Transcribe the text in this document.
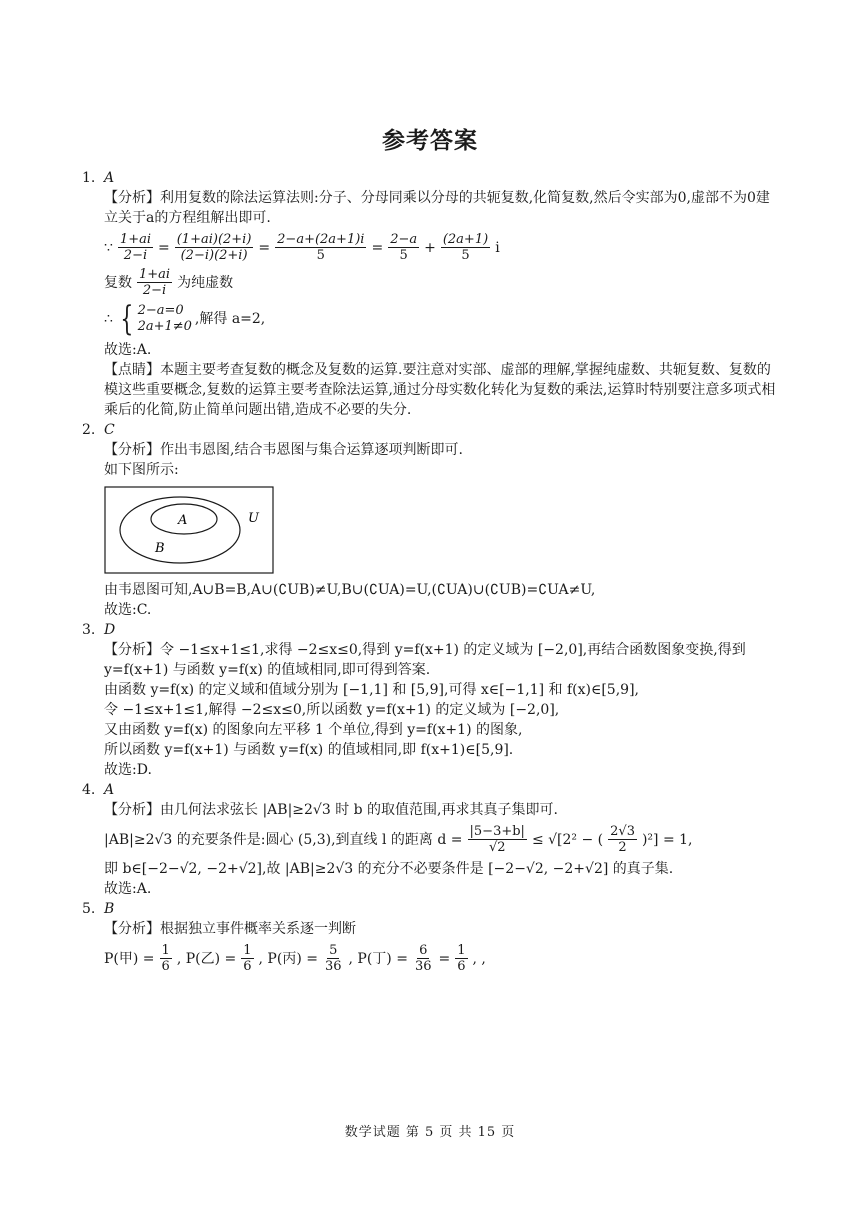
参考答案
1. A

【分析】利用复数的除法运算法则:分子、分母同乘以分母的共轭复数,化简复数,然后令实部为0,虚部不为0建立关于a的方程组解出即可.

∵ $\frac{1+ai}{2-i} = \frac{(1+ai)(2+i)}{(2-i)(2+i)} = \frac{2-a+(2a+1)i}{5} = \frac{2-a}{5} + \frac{(2a+1)}{5}$ i
复数 $\frac{1+ai}{2-i}$ 为纯虚数
∴ { 2−a=0
2a+1≠0 ,解得 a=2,

故选:A.

【点睛】本题主要考查复数的概念及复数的运算.要注意对实部、虚部的理解,掌握纯虚数、共轭复数、复数的模这些重要概念,复数的运算主要考查除法运算,通过分母实数化转化为复数的乘法,运算时特别要注意多项式相乘后的化简,防止简单问题出错,造成不必要的失分.

2. C

【分析】作出韦恩图,结合韦恩图与集合运算逐项判断即可.

如下图所示:

A
B
U

由韦恩图可知,A∪B=B,A∪(∁UB)≠U,B∪(∁UA)=U,(∁UA)∪(∁UB)=∁UA≠U,

故选:C.

3. D

【分析】令 −1≤x+1≤1,求得 −2≤x≤0,得到 y=f(x+1) 的定义域为 [−2,0],再结合函数图象变换,得到 y=f(x+1) 与函数 y=f(x) 的值域相同,即可得到答案.

由函数 y=f(x) 的定义域和值域分别为 [−1,1] 和 [5,9],可得 x∈[−1,1] 和 f(x)∈[5,9],

令 −1≤x+1≤1,解得 −2≤x≤0,所以函数 y=f(x+1) 的定义域为 [−2,0],

又由函数 y=f(x) 的图象向左平移 1 个单位,得到 y=f(x+1) 的图象,

所以函数 y=f(x+1) 与函数 y=f(x) 的值域相同,即 f(x+1)∈[5,9].

故选:D.

4. A

【分析】由几何法求弦长 |AB|≥2√3 时 b 的取值范围,再求其真子集即可.

|AB|≥2√3 的充要条件是:圆心 (5,3),到直线 l 的距离 $d = \frac{|5-3+b|}{√2} \le √[2^2$ − ( $\frac{2√3}{2} )^2] = 1$,

即 b∈[−2−√2, −2+√2],故 |AB|≥2√3 的充分不必要条件是 [−2−√2, −2+√2] 的真子集.

故选:A.

5. B

【分析】根据独立事件概率关系逐一判断

P(甲) = $\frac{1}{6}$ , P(乙) = $\frac{1}{6}$ , P(丙) = $\frac{5}{36}$ , P(丁) = $\frac{6}{36} = \frac{1}{6}$ , ,
数学试题 第 5 页 共 15 页
